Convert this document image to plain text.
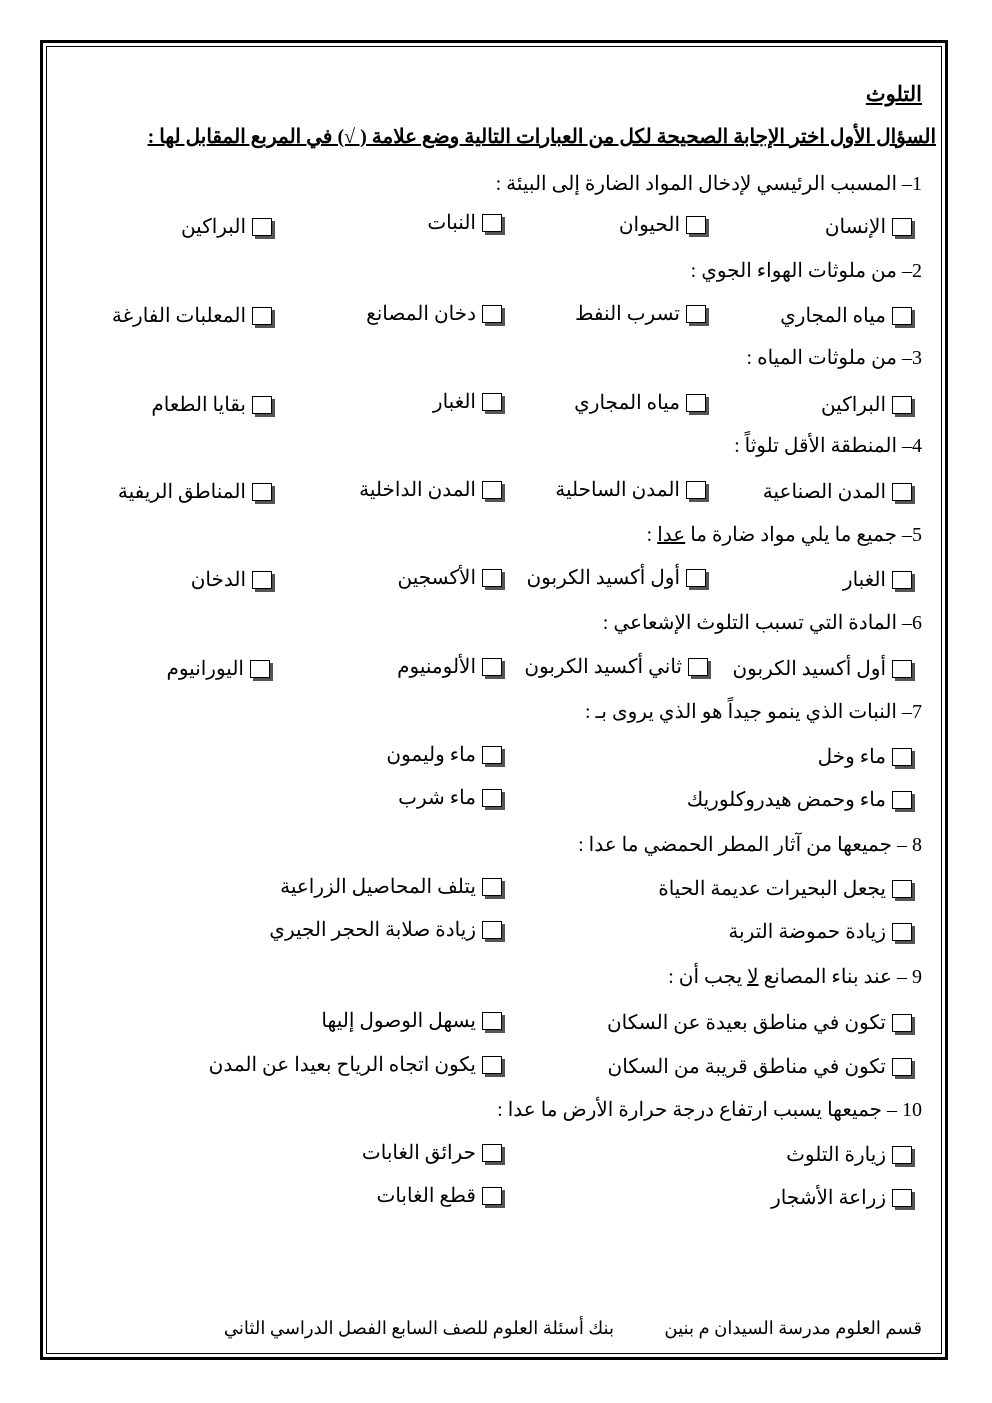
التلوث
السؤال الأول اختر الإجابة الصحيحة لكل من العبارات التالية وضع علامة ( √) في المربع المقابل لها :
1– المسبب الرئيسي لإدخال المواد الضارة إلى البيئة :
الإنسان
الحيوان
النبات
البراكين
2– من ملوثات الهواء الجوي :
مياه المجاري
تسرب النفط
دخان المصانع
المعلبات الفارغة
3– من ملوثات المياه :
البراكين
مياه المجاري
الغبار
بقايا الطعام
4– المنطقة الأقل تلوثاً :
المدن الصناعية
المدن الساحلية
المدن الداخلية
المناطق الريفية
5– جميع ما يلي مواد ضارة ما عدا :
الغبار
أول أكسيد الكربون
الأكسجين
الدخان
6– المادة التي تسبب التلوث الإشعاعي :
أول أكسيد الكربون
ثاني أكسيد الكربون
الألومنيوم
اليورانيوم
7– النبات الذي ينمو جيداً هو الذي يروى بـ :
ماء وخل
ماء وليمون
ماء وحمض هيدروكلوريك
ماء شرب
8 – جميعها من آثار المطر الحمضي ما عدا :
يجعل البحيرات عديمة الحياة
يتلف المحاصيل الزراعية
زيادة حموضة التربة
زيادة صلابة الحجر الجيري
9 – عند بناء المصانع لا يجب أن :
تكون في مناطق بعيدة عن السكان
يسهل الوصول إليها
تكون في مناطق قريبة من السكان
يكون اتجاه الرياح بعيدا عن المدن
10 – جميعها يسبب ارتفاع درجة حرارة الأرض ما عدا :
زيارة التلوث
حرائق الغابات
زراعة الأشجار
قطع الغابات
قسم العلوم مدرسة السيدان م بنين
بنك أسئلة العلوم للصف السابع الفصل الدراسي الثاني
